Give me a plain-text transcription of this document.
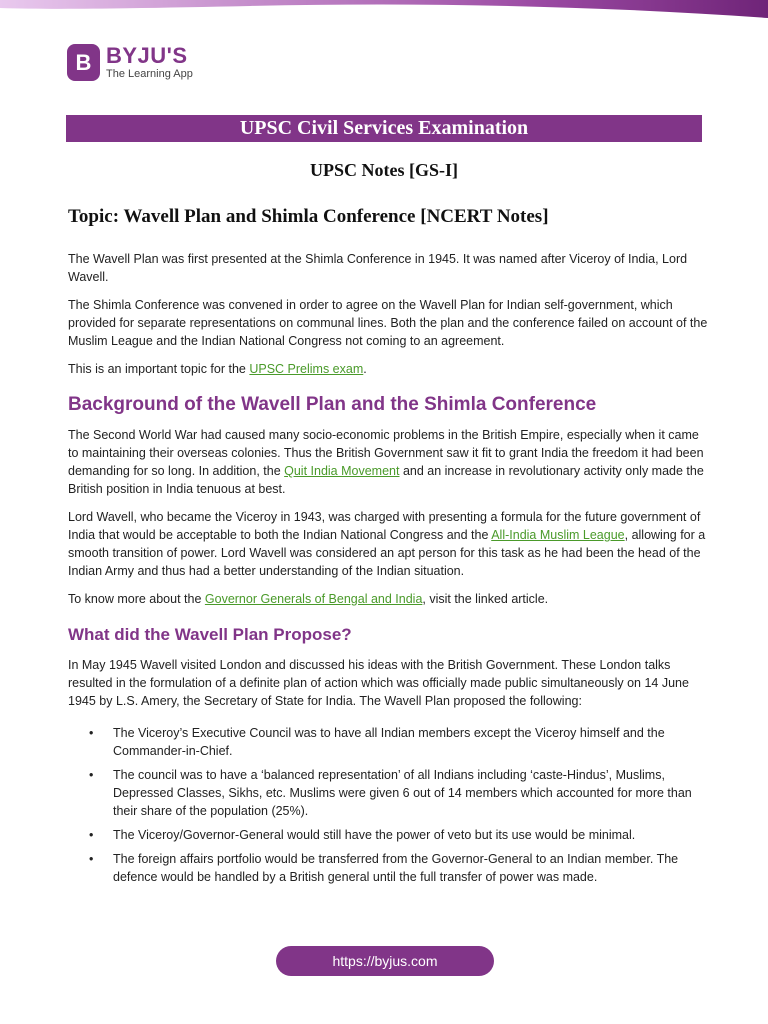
B BYJU'S
The Learning App
UPSC Civil Services Examination
UPSC Notes [GS-I]
Topic: Wavell Plan and Shimla Conference [NCERT Notes]

The Wavell Plan was first presented at the Shimla Conference in 1945. It was named after Viceroy of India, Lord Wavell.

The Shimla Conference was convened in order to agree on the Wavell Plan for Indian self-government, which provided for separate representations on communal lines. Both the plan and the conference failed on account of the Muslim League and the Indian National Congress not coming to an agreement.

This is an important topic for the UPSC Prelims exam.

Background of the Wavell Plan and the Shimla Conference

The Second World War had caused many socio-economic problems in the British Empire, especially when it came to maintaining their overseas colonies. Thus the British Government saw it fit to grant India the freedom it had been demanding for so long. In addition, the Quit India Movement and an increase in revolutionary activity only made the British position in India tenuous at best.

Lord Wavell, who became the Viceroy in 1943, was charged with presenting a formula for the future government of India that would be acceptable to both the Indian National Congress and the All-India Muslim League, allowing for a smooth transition of power. Lord Wavell was considered an apt person for this task as he had been the head of the Indian Army and thus had a better understanding of the Indian situation.

To know more about the Governor Generals of Bengal and India, visit the linked article.

What did the Wavell Plan Propose?

In May 1945 Wavell visited London and discussed his ideas with the British Government. These London talks resulted in the formulation of a definite plan of action which was officially made public simultaneously on 14 June 1945 by L.S. Amery, the Secretary of State for India. The Wavell Plan proposed the following:

• The Viceroy’s Executive Council was to have all Indian members except the Viceroy himself and the Commander-in-Chief.
• The council was to have a ‘balanced representation’ of all Indians including ‘caste-Hindus’, Muslims, Depressed Classes, Sikhs, etc. Muslims were given 6 out of 14 members which accounted for more than their share of the population (25%).
• The Viceroy/Governor-General would still have the power of veto but its use would be minimal.
• The foreign affairs portfolio would be transferred from the Governor-General to an Indian member. The defence would be handled by a British general until the full transfer of power was made.
https://byjus.com
